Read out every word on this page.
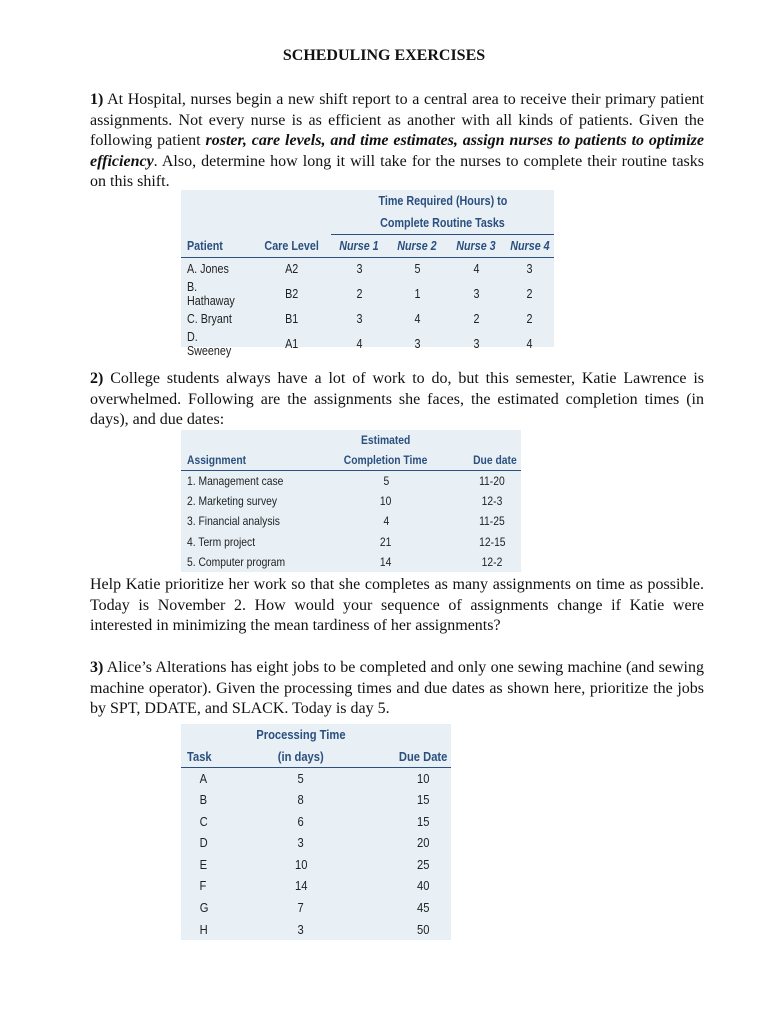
SCHEDULING EXERCISES
1) At Hospital, nurses begin a new shift report to a central area to receive their primary patient assignments. Not every nurse is as efficient as another with all kinds of patients. Given the following patient roster, care levels, and time estimates, assign nurses to patients to optimize efficiency. Also, determine how long it will take for the nurses to complete their routine tasks on this shift.
		Time Required (Hours) to			
		Complete Routine Tasks			
Patient	Care Level	Nurse 1	Nurse 2	Nurse 3	Nurse 4
A. Jones	A2	3	5	4	3
B. Hathaway	B2	2	1	3	2
C. Bryant	B1	3	4	2	2
D. Sweeney	A1	4	3	3	4
2) College students always have a lot of work to do, but this semester, Katie Lawrence is overwhelmed. Following are the assignments she faces, the estimated completion times (in days), and due dates:
	Estimated	
Assignment	Completion Time	Due date
1. Management case	5	11-20
2. Marketing survey	10	12-3
3. Financial analysis	4	11-25
4. Term project	21	12-15
5. Computer program	14	12-2
Help Katie prioritize her work so that she completes as many assignments on time as possible. Today is November 2. How would your sequence of assignments change if Katie were interested in minimizing the mean tardiness of her assignments?
3) Alice’s Alterations has eight jobs to be completed and only one sewing machine (and sewing machine operator). Given the processing times and due dates as shown here, prioritize the jobs by SPT, DDATE, and SLACK. Today is day 5.
	Processing Time	
Task	(in days)	Due Date
A	5	10
B	8	15
C	6	15
D	3	20
E	10	25
F	14	40
G	7	45
H	3	50
